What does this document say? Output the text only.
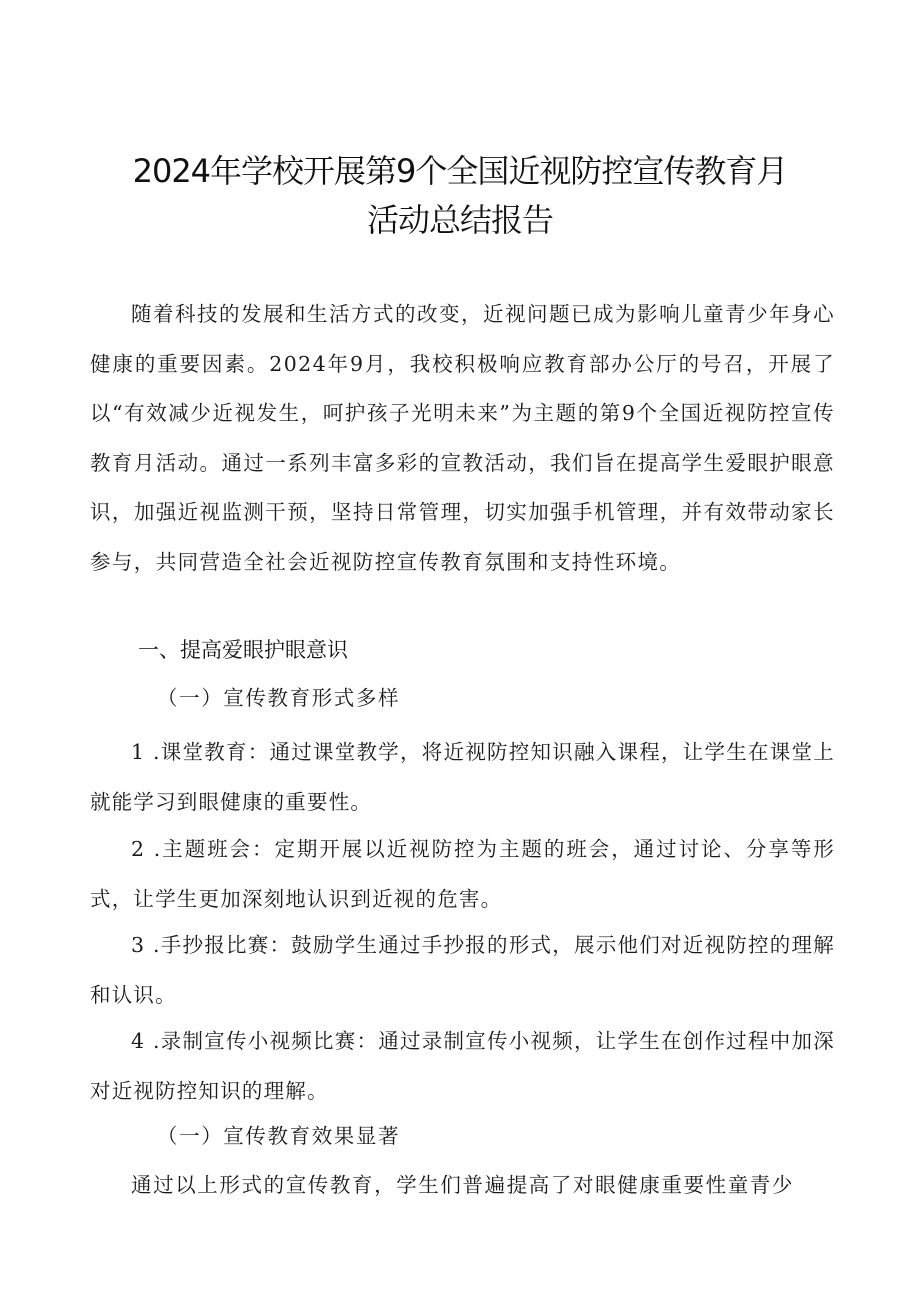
2024年学校开展第9个全国近视防控宣传教育月
活动总结报告

随着科技的发展和生活方式的改变，近视问题已成为影响儿童青少年身心健康的重要因素。2024年9月，我校积极响应教育部办公厅的号召，开展了以“有效减少近视发生，呵护孩子光明未来”为主题的第9个全国近视防控宣传教育月活动。通过一系列丰富多彩的宣教活动，我们旨在提高学生爱眼护眼意识，加强近视监测干预，坚持日常管理，切实加强手机管理，并有效带动家长参与，共同营造全社会近视防控宣传教育氛围和支持性环境。

一、提高爱眼护眼意识
（一）宣传教育形式多样

1 .课堂教育：通过课堂教学，将近视防控知识融入课程，让学生在课堂上就能学习到眼健康的重要性。

2 .主题班会：定期开展以近视防控为主题的班会，通过讨论、分享等形式，让学生更加深刻地认识到近视的危害。

3 .手抄报比赛：鼓励学生通过手抄报的形式，展示他们对近视防控的理解和认识。

4 .录制宣传小视频比赛：通过录制宣传小视频，让学生在创作过程中加深对近视防控知识的理解。

（一）宣传教育效果显著

通过以上形式的宣传教育，学生们普遍提高了对眼健康重要性童青少
